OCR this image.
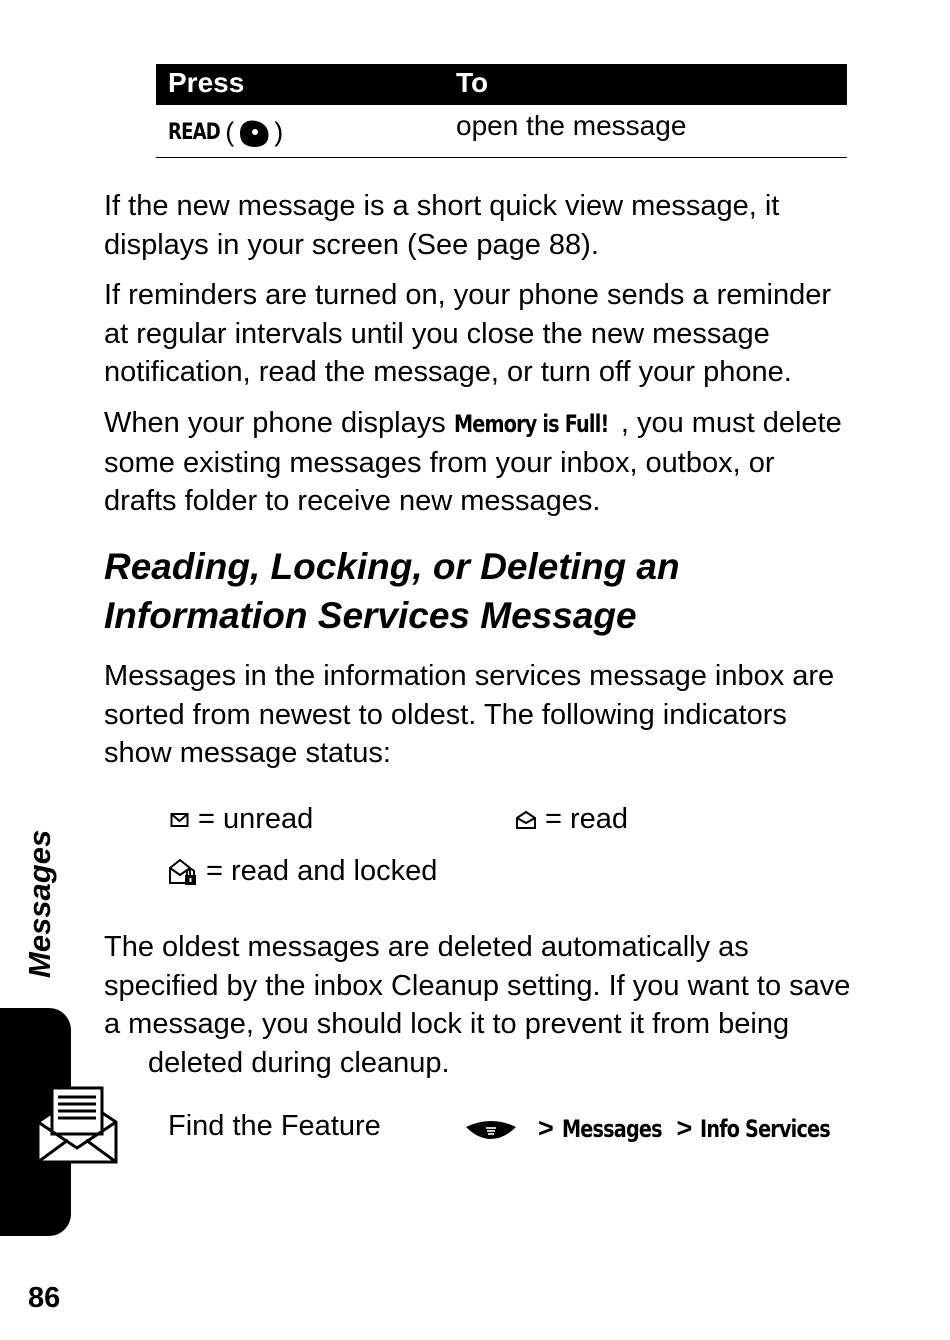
Press	To
READ ( )	open the message

If the new message is a short quick view message, it displays in your screen (See page 88).

If reminders are turned on, your phone sends a reminder at regular intervals until you close the new message notification, read the message, or turn off your phone.

When your phone displays Memory is Full! , you must delete some existing messages from your inbox, outbox, or drafts folder to receive new messages.

Reading, Locking, or Deleting an
Information Services Message

Messages in the information services message inbox are sorted from newest to oldest. The following indicators show message status:

= unread	= read
= read and locked

The oldest messages are deleted automatically as specified by the inbox Cleanup setting. If you want to save a message, you should lock it to prevent it from being
deleted during cleanup.

Messages
Find the Feature	> Messages > Info Services
86
